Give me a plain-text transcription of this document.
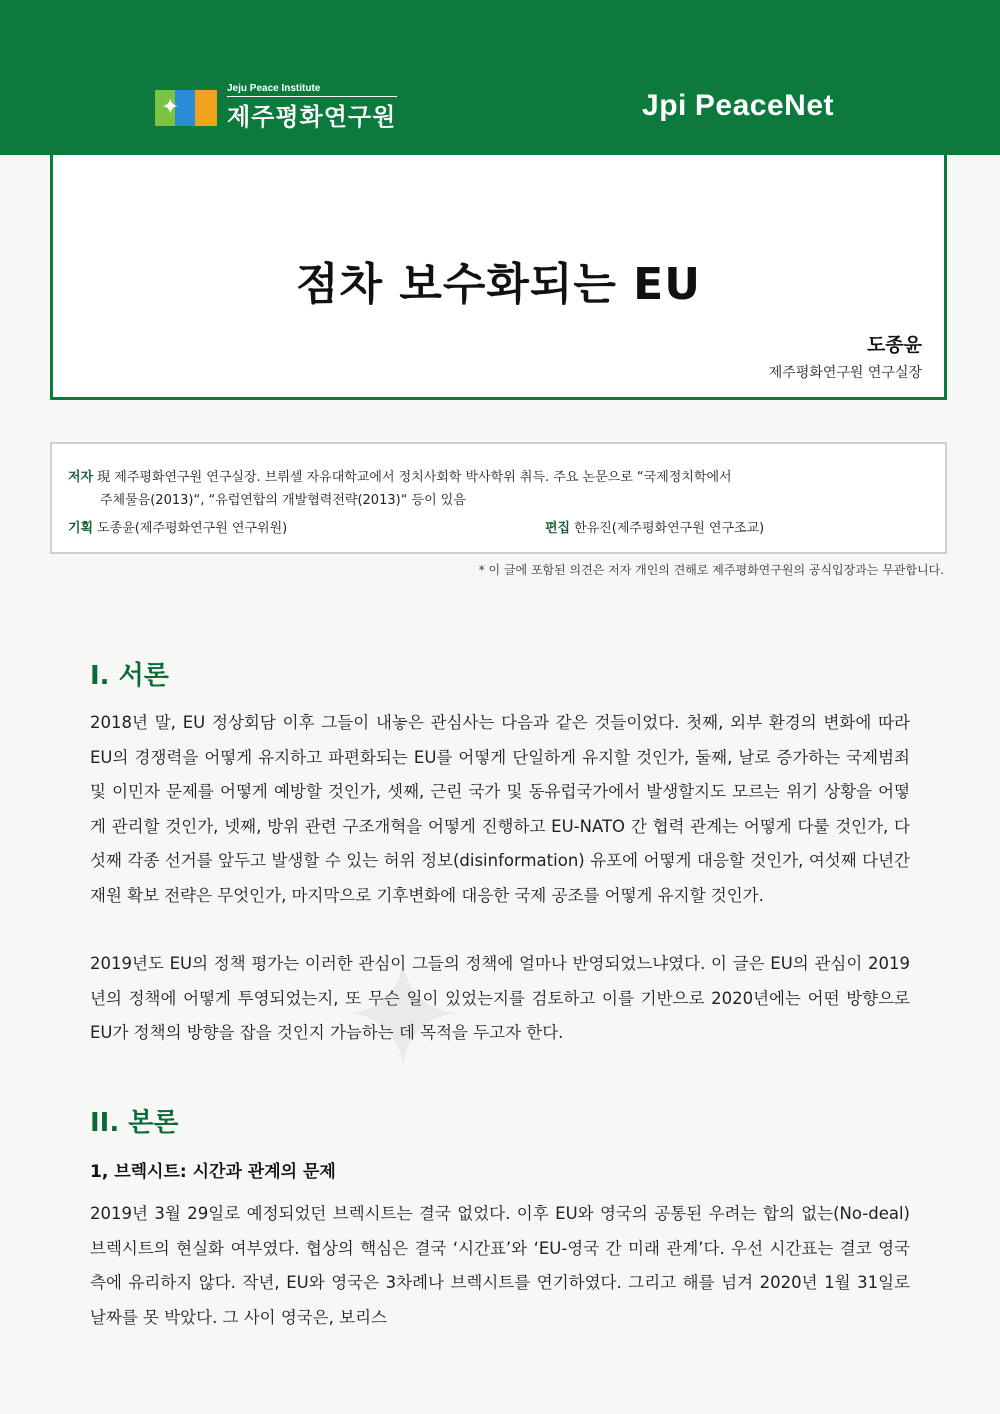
✦
Jeju Peace Institute
제주평화연구원	Jpi PeaceNet
점차 보수화되는 EU
도종윤
제주평화연구원 연구실장
저자 現 제주평화연구원 연구실장. 브뤼셀 자유대학교에서 정치사회학 박사학위 취득. 주요 논문으로 “국제정치학에서
주체물음(2013)“, “유럽연합의 개발협력전략(2013)“ 등이 있음
기획 도종윤(제주평화연구원 연구위원)	편집 한유진(제주평화연구원 연구조교)
* 이 글에 포함된 의견은 저자 개인의 견해로 제주평화연구원의 공식입장과는 무관합니다.
✦
I. 서론
2018년 말, EU 정상회담 이후 그들이 내놓은 관심사는 다음과 같은 것들이었다. 첫째, 외부 환경의 변화에 따라 EU의 경쟁력을 어떻게 유지하고 파편화되는 EU를 어떻게 단일하게 유지할 것인가, 둘째, 날로 증가하는 국제범죄 및 이민자 문제를 어떻게 예방할 것인가, 셋째, 근린 국가 및 동유럽국가에서 발생할지도 모르는 위기 상황을 어떻게 관리할 것인가, 넷째, 방위 관련 구조개혁을 어떻게 진행하고 EU-NATO 간 협력 관계는 어떻게 다룰 것인가, 다섯째 각종 선거를 앞두고 발생할 수 있는 허위 정보(disinformation) 유포에 어떻게 대응할 것인가, 여섯째 다년간 재원 확보 전략은 무엇인가, 마지막으로 기후변화에 대응한 국제 공조를 어떻게 유지할 것인가.
2019년도 EU의 정책 평가는 이러한 관심이 그들의 정책에 얼마나 반영되었느냐였다. 이 글은 EU의 관심이 2019년의 정책에 어떻게 투영되었는지, 또 무슨 일이 있었는지를 검토하고 이를 기반으로 2020년에는 어떤 방향으로 EU가 정책의 방향을 잡을 것인지 가늠하는 데 목적을 두고자 한다.
II. 본론
1, 브렉시트: 시간과 관계의 문제
2019년 3월 29일로 예정되었던 브렉시트는 결국 없었다. 이후 EU와 영국의 공통된 우려는 합의 없는(No-deal) 브렉시트의 현실화 여부였다. 협상의 핵심은 결국 ‘시간표’와 ‘EU-영국 간 미래 관계’다. 우선 시간표는 결코 영국 측에 유리하지 않다. 작년, EU와 영국은 3차례나 브렉시트를 연기하였다. 그리고 해를 넘겨 2020년 1월 31일로 날짜를 못 박았다. 그 사이 영국은, 보리스
